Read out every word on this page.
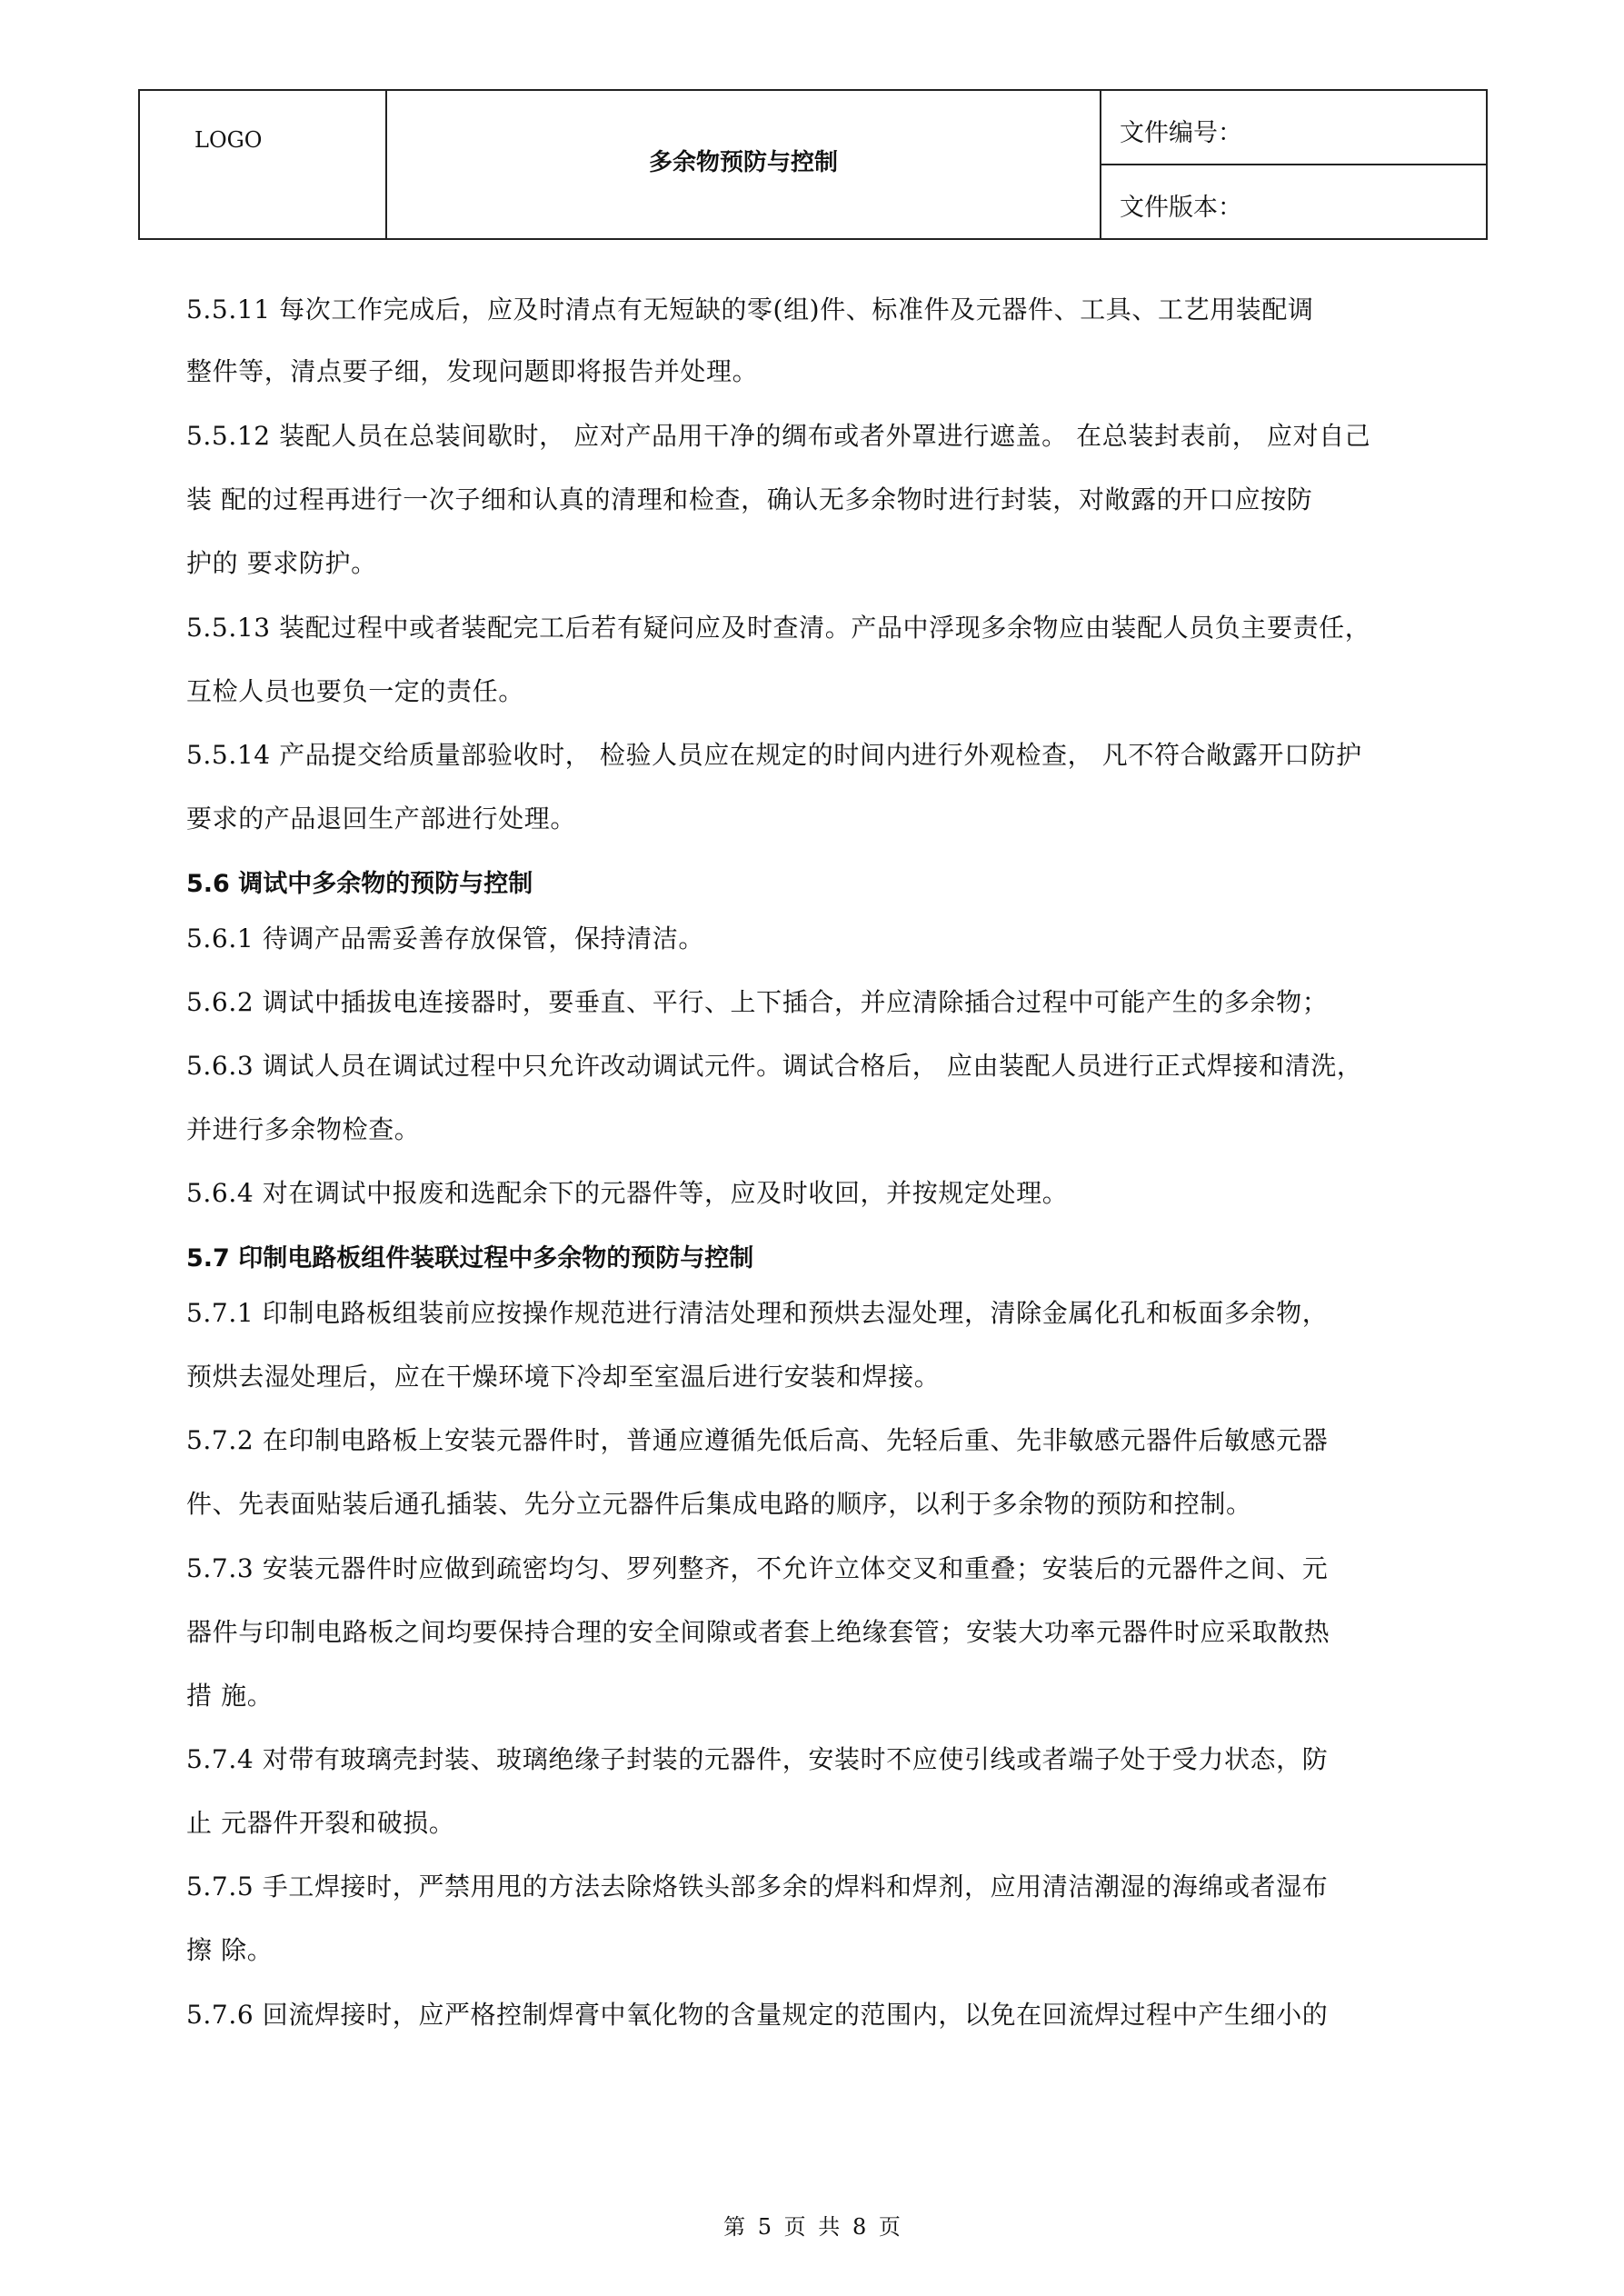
LOGO
多余物预防与控制
文件编号：
文件版本：
5.5.11 每次工作完成后，应及时清点有无短缺的零(组)件、标准件及元器件、工具、工艺用装配调
整件等，清点要子细，发现问题即将报告并处理。
5.5.12 装配人员在总装间歇时， 应对产品用干净的绸布或者外罩进行遮盖。 在总装封表前， 应对自己
装 配的过程再进行一次子细和认真的清理和检查，确认无多余物时进行封装，对敞露的开口应按防
护的 要求防护。
5.5.13 装配过程中或者装配完工后若有疑问应及时查清。产品中浮现多余物应由装配人员负主要责任，
互检人员也要负一定的责任。
5.5.14 产品提交给质量部验收时， 检验人员应在规定的时间内进行外观检查， 凡不符合敞露开口防护
要求的产品退回生产部进行处理。
5.6 调试中多余物的预防与控制
5.6.1 待调产品需妥善存放保管，保持清洁。
5.6.2 调试中插拔电连接器时，要垂直、平行、上下插合，并应清除插合过程中可能产生的多余物；
5.6.3 调试人员在调试过程中只允许改动调试元件。调试合格后， 应由装配人员进行正式焊接和清洗，
并进行多余物检查。
5.6.4 对在调试中报废和选配余下的元器件等，应及时收回，并按规定处理。
5.7 印制电路板组件装联过程中多余物的预防与控制
5.7.1 印制电路板组装前应按操作规范进行清洁处理和预烘去湿处理，清除金属化孔和板面多余物，
预烘去湿处理后，应在干燥环境下冷却至室温后进行安装和焊接。
5.7.2 在印制电路板上安装元器件时，普通应遵循先低后高、先轻后重、先非敏感元器件后敏感元器
件、先表面贴装后通孔插装、先分立元器件后集成电路的顺序，以利于多余物的预防和控制。
5.7.3 安装元器件时应做到疏密均匀、罗列整齐，不允许立体交叉和重叠；安装后的元器件之间、元
器件与印制电路板之间均要保持合理的安全间隙或者套上绝缘套管；安装大功率元器件时应采取散热
措 施。
5.7.4 对带有玻璃壳封装、玻璃绝缘子封装的元器件，安装时不应使引线或者端子处于受力状态，防
止 元器件开裂和破损。
5.7.5 手工焊接时，严禁用甩的方法去除烙铁头部多余的焊料和焊剂，应用清洁潮湿的海绵或者湿布
擦 除。
5.7.6 回流焊接时，应严格控制焊膏中氧化物的含量规定的范围内，以免在回流焊过程中产生细小的
第 5 页 共 8 页
